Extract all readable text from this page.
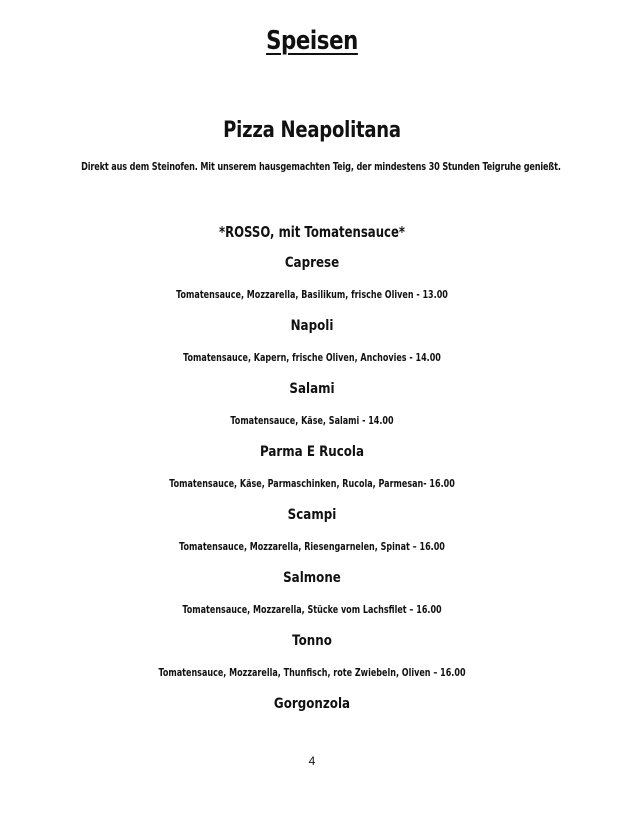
Speisen
Pizza Neapolitana
Direkt aus dem Steinofen. Mit unserem hausgemachten Teig, der mindestens 30 Stunden Teigruhe genießt.
*ROSSO, mit Tomatensauce*
Caprese
Tomatensauce, Mozzarella, Basilikum, frische Oliven - 13.00
Napoli
Tomatensauce, Kapern, frische Oliven, Anchovies - 14.00
Salami
Tomatensauce, Käse, Salami - 14.00
Parma E Rucola
Tomatensauce, Käse, Parmaschinken, Rucola, Parmesan- 16.00
Scampi
Tomatensauce, Mozzarella, Riesengarnelen, Spinat – 16.00
Salmone
Tomatensauce, Mozzarella, Stücke vom Lachsfilet – 16.00
Tonno
Tomatensauce, Mozzarella, Thunfisch, rote Zwiebeln, Oliven – 16.00
Gorgonzola
4
